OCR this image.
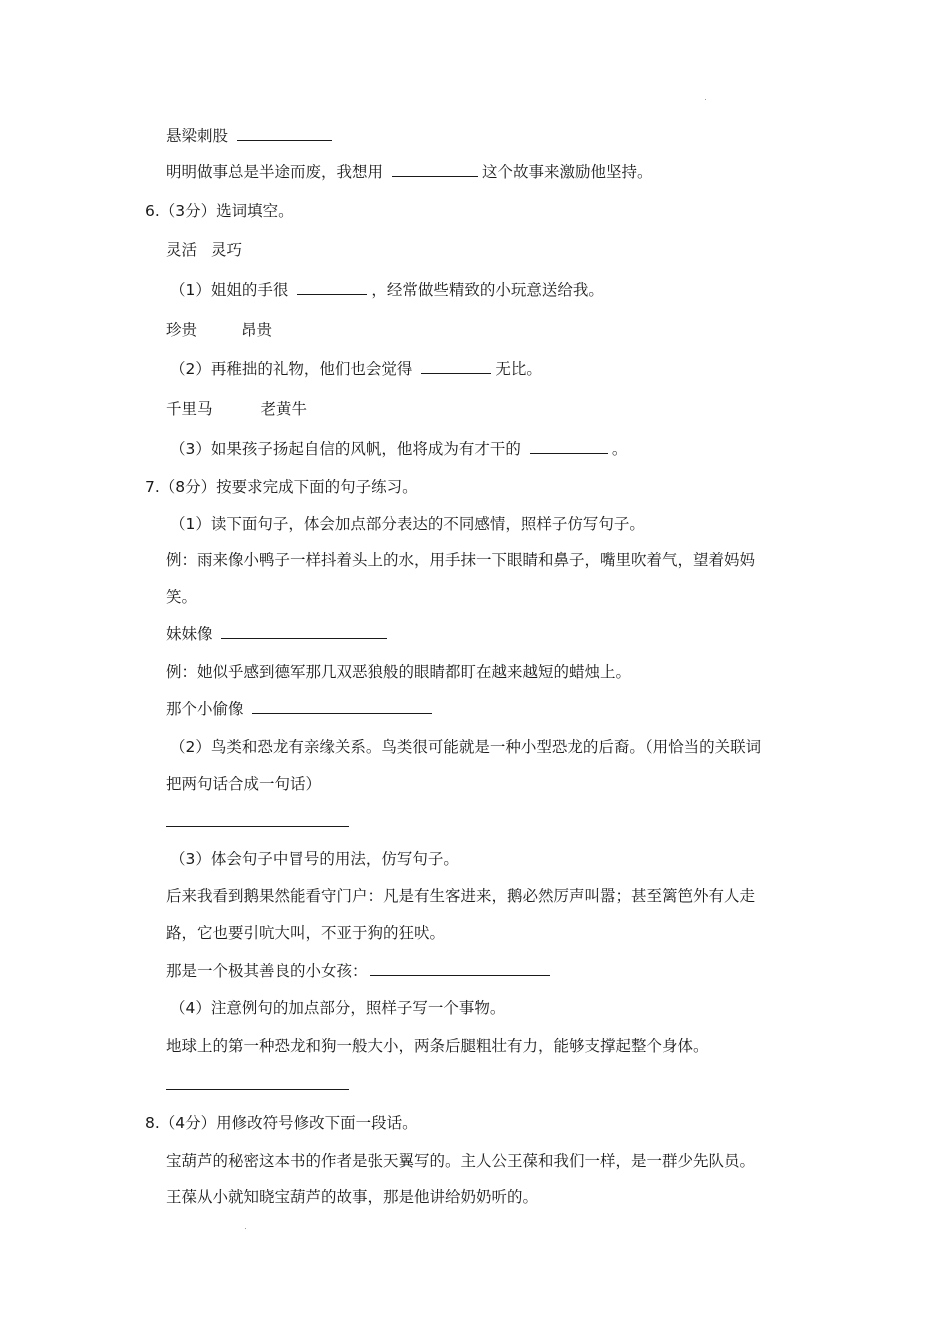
悬梁刺股
明明做事总是半途而废，我想用	这个故事来激励他坚持。
6.（3分）选词填空。
灵活 灵巧
（1）姐姐的手很	，经常做些精致的小玩意送给我。
珍贵	昂贵
（2）再稚拙的礼物，他们也会觉得	无比。
千里马	老黄牛
（3）如果孩子扬起自信的风帆，他将成为有才干的	。
7.（8分）按要求完成下面的句子练习。
（1）读下面句子，体会加点部分表达的不同感情，照样子仿写句子。
例：雨来像小鸭子一样抖着头上的水，用手抹一下眼睛和鼻子，嘴里吹着气，望着妈妈
笑。
妹妹像
例：她似乎感到德军那几双恶狼般的眼睛都盯在越来越短的蜡烛上。
那个小偷像
（2）鸟类和恐龙有亲缘关系。鸟类很可能就是一种小型恐龙的后裔。（用恰当的关联词
把两句话合成一句话）
（3）体会句子中冒号的用法，仿写句子。
后来我看到鹅果然能看守门户：凡是有生客进来，鹅必然厉声叫嚣；甚至篱笆外有人走
路，它也要引吭大叫，不亚于狗的狂吠。
那是一个极其善良的小女孩：
（4）注意例句的加点部分，照样子写一个事物。
地球上的第一种恐龙和狗一般大小，两条后腿粗壮有力，能够支撑起整个身体。
8.（4分）用修改符号修改下面一段话。
宝葫芦的秘密这本书的作者是张天翼写的。主人公王葆和我们一样，是一群少先队员。
王葆从小就知晓宝葫芦的故事，那是他讲给奶奶听的。
